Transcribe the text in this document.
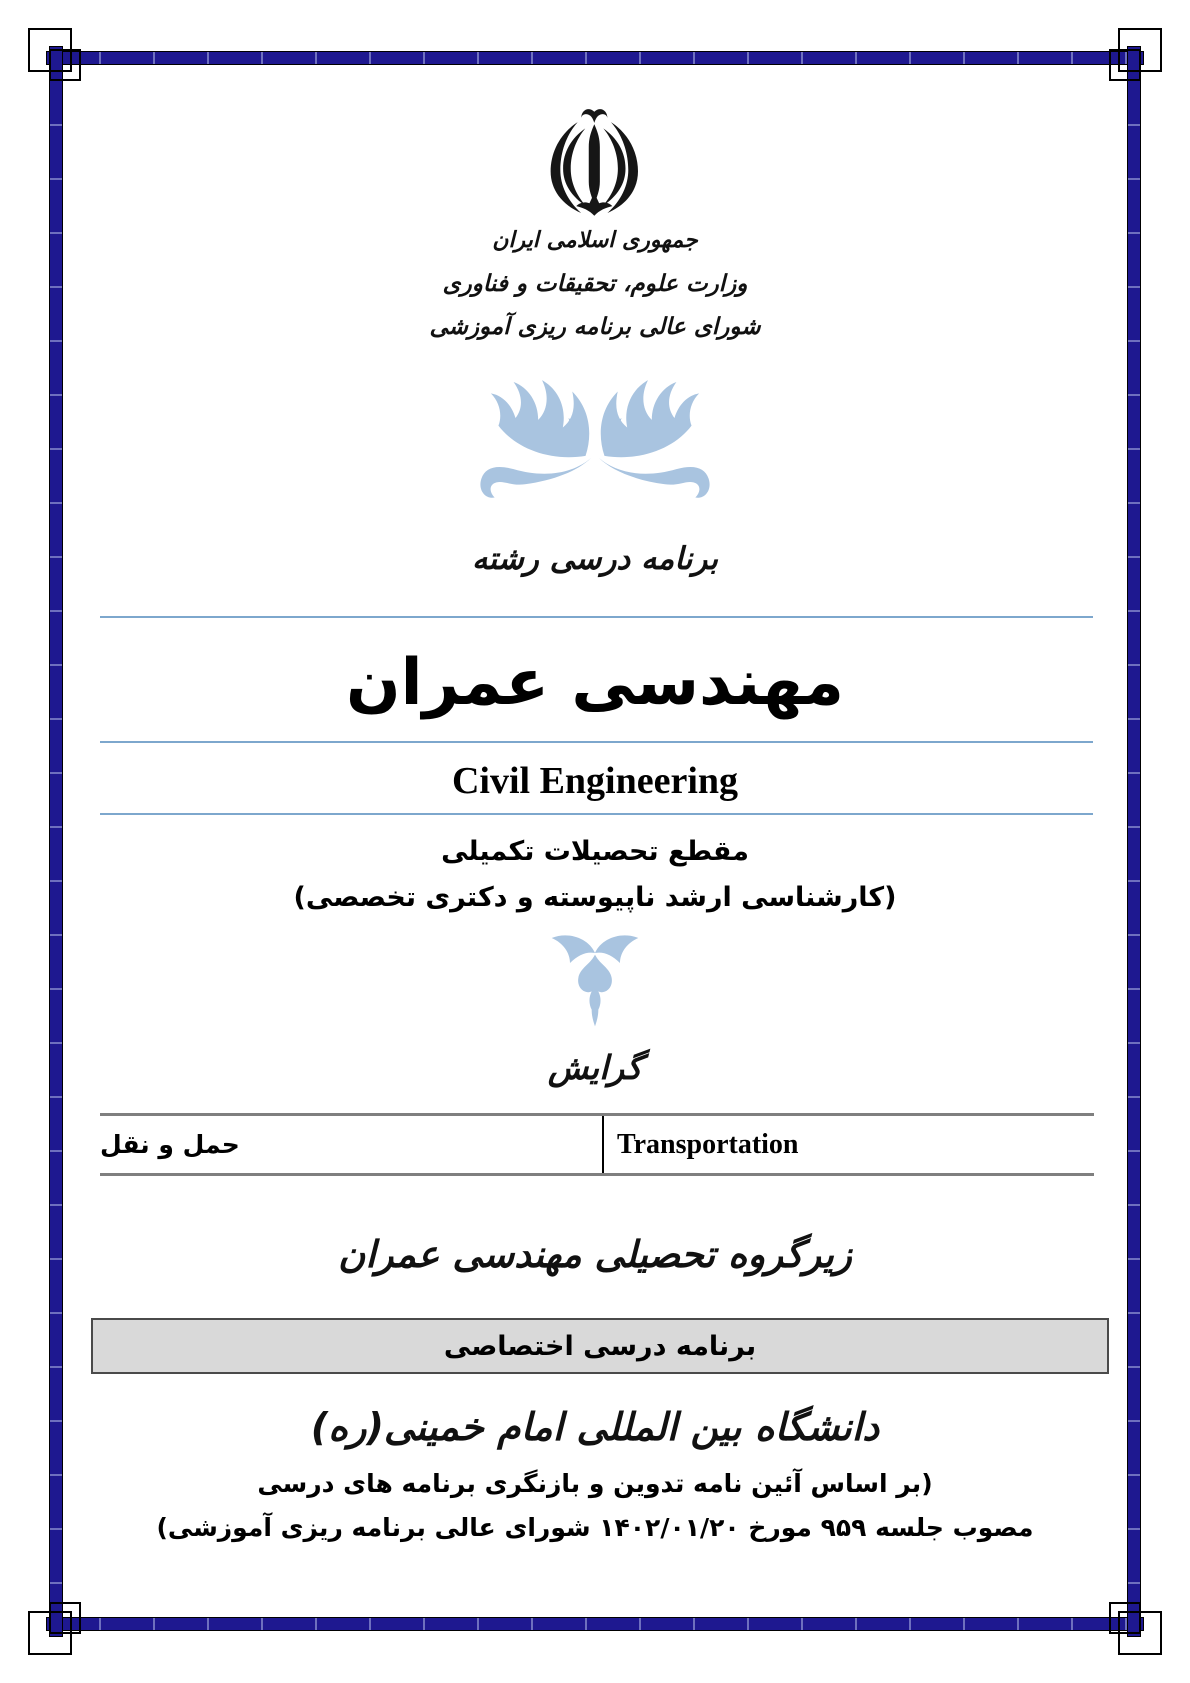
جمهوری اسلامی ایران
وزارت علوم، تحقیقات و فناوری
شورای عالی برنامه ریزی آموزشی
برنامه درسی رشته
مهندسی عمران
Civil Engineering
مقطع تحصیلات تکمیلی
(کارشناسی ارشد ناپیوسته و دکتری تخصصی)
گرایش
حمل و نقل	Transportation
زیرگروه تحصیلی مهندسی عمران
برنامه درسی اختصاصی
دانشگاه بین المللی امام خمینی(ره)
(بر اساس آئین نامه تدوین و بازنگری برنامه های درسی
مصوب جلسه ۹۵۹ مورخ ۱۴۰۲/۰۱/۲۰ شورای عالی برنامه ریزی آموزشی)
